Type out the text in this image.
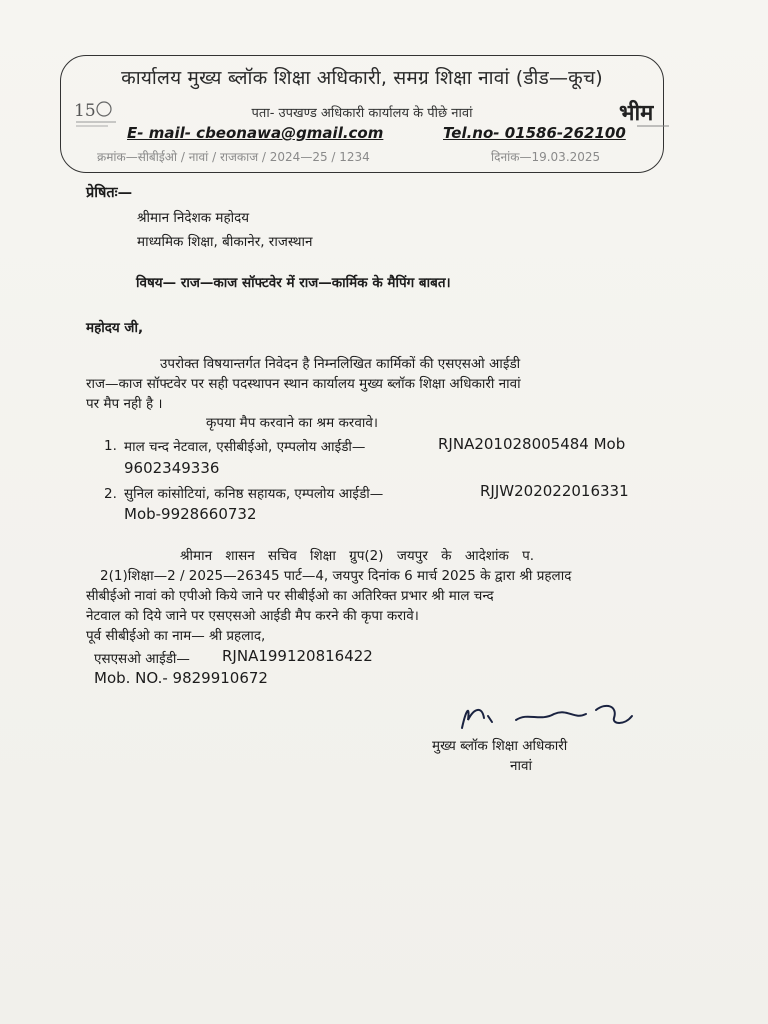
कार्यालय मुख्य ब्लॉक शिक्षा अधिकारी, समग्र शिक्षा नावां (डीड—कूच)
पता- उपखण्ड अधिकारी कार्यालय के पीछे नावां
E- mail- cbeonawa@gmail.com	Tel.no- 01586-262100
क्रमांक—सीबीईओ / नावां / राजकाज / 2024—25 / 1234	दिनांक—19.03.2025
15	भीम
प्रेषितः—
श्रीमान निदेशक महोदय
माध्यमिक शिक्षा, बीकानेर, राजस्थान
विषय— राज—काज सॉफ्टवेर में राज—कार्मिक के मैपिंग बाबत।
महोदय जी,
उपरोक्त विषयान्तर्गत निवेदन है निम्नलिखित कार्मिकों की एसएसओ आईडी
राज—काज सॉफ्टवेर पर सही पदस्थापन स्थान कार्यालय मुख्य ब्लॉक शिक्षा अधिकारी नावां
पर मैप नही है ।
कृपया मैप करवाने का श्रम करवावे।
1. माल चन्द नेटवाल, एसीबीईओ, एम्पलोय आईडी—	RJNA201028005484 Mob
9602349336
2. सुनिल कांसोटियां, कनिष्ठ सहायक, एम्पलोय आईडी—	RJJW202022016331
Mob-9928660732
श्रीमान शासन सचिव शिक्षा ग्रुप(2) जयपुर के आदेशांक प.
2(1)शिक्षा—2 / 2025—26345 पार्ट—4, जयपुर दिनांक 6 मार्च 2025 के द्वारा श्री प्रहलाद
सीबीईओ नावां को एपीओ किये जाने पर सीबीईओ का अतिरिक्त प्रभार श्री माल चन्द
नेटवाल को दिये जाने पर एसएसओ आईडी मैप करने की कृपा करावे।
पूर्व सीबीईओ का नाम— श्री प्रहलाद,
एसएसओ आईडी— RJNA199120816422
Mob. NO.- 9829910672
मुख्य ब्लॉक शिक्षा अधिकारी
नावां
